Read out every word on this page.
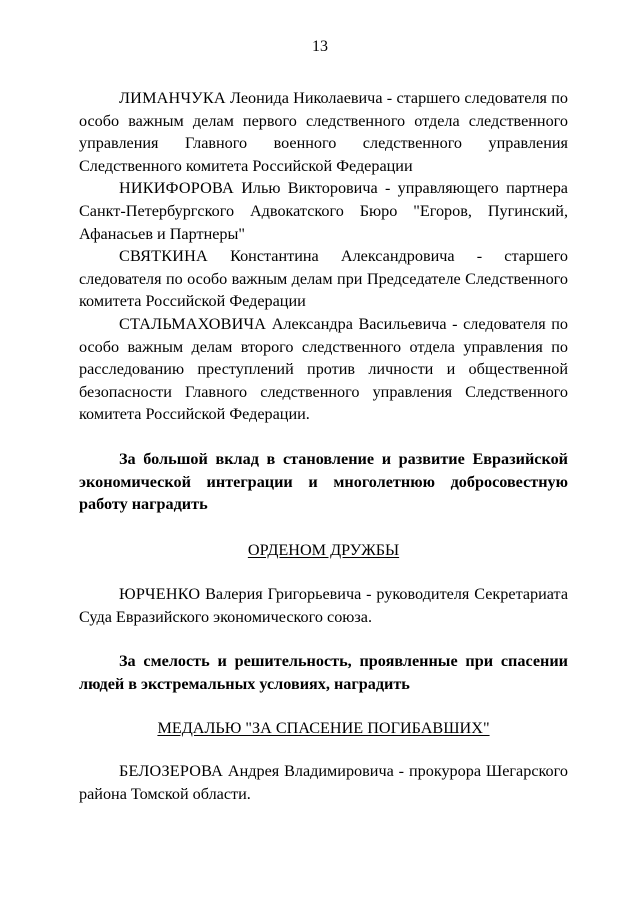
13

ЛИМАНЧУКА Леонида Николаевича - старшего следователя по особо важным делам первого следственного отдела следственного управления Главного военного следственного управления Следственного комитета Российской Федерации

НИКИФОРОВА Илью Викторовича - управляющего партнера Санкт-Петербургского Адвокатского Бюро "Егоров, Пугинский, Афанасьев и Партнеры"

СВЯТКИНА Константина Александровича - старшего следователя по особо важным делам при Председателе Следственного комитета Российской Федерации

СТАЛЬМАХОВИЧА Александра Васильевича - следователя по особо важным делам второго следственного отдела управления по расследованию преступлений против личности и общественной безопасности Главного следственного управления Следственного комитета Российской Федерации.

За большой вклад в становление и развитие Евразийской экономической интеграции и многолетнюю добросовестную работу наградить

ОРДЕНОМ ДРУЖБЫ

ЮРЧЕНКО Валерия Григорьевича - руководителя Секретариата Суда Евразийского экономического союза.

За смелость и решительность, проявленные при спасении людей в экстремальных условиях, наградить

МЕДАЛЬЮ "ЗА СПАСЕНИЕ ПОГИБАВШИХ"

БЕЛОЗЕРОВА Андрея Владимировича - прокурора Шегарского района Томской области.
